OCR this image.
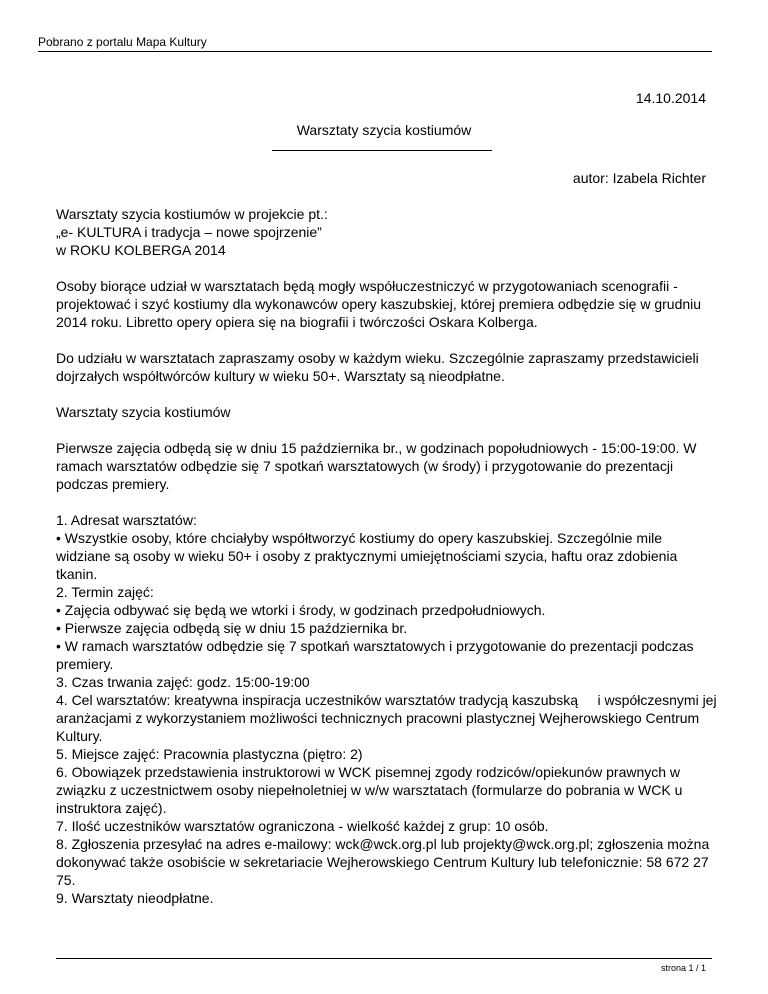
Pobrano z portalu Mapa Kultury
14.10.2014
Warsztaty szycia kostiumów
autor: Izabela Richter

Warsztaty szycia kostiumów w projekcie pt.:
„e- KULTURA i tradycja – nowe spojrzenie”
w ROKU KOLBERGA 2014

Osoby biorące udział w warsztatach będą mogły współuczestniczyć w przygotowaniach scenografii - projektować i szyć kostiumy dla wykonawców opery kaszubskiej, której premiera odbędzie się w grudniu 2014 roku. Libretto opery opiera się na biografii i twórczości Oskara Kolberga.

Do udziału w warsztatach zapraszamy osoby w każdym wieku. Szczególnie zapraszamy przedstawicieli dojrzałych współtwórców kultury w wieku 50+. Warsztaty są nieodpłatne.

Warsztaty szycia kostiumów

Pierwsze zajęcia odbędą się w dniu 15 października br., w godzinach popołudniowych - 15:00-19:00. W ramach warsztatów odbędzie się 7 spotkań warsztatowych (w środy) i przygotowanie do prezentacji podczas premiery.

1. Adresat warsztatów:
• Wszystkie osoby, które chciałyby współtworzyć kostiumy do opery kaszubskiej. Szczególnie mile widziane są osoby w wieku 50+ i osoby z praktycznymi umiejętnościami szycia, haftu oraz zdobienia tkanin.
2. Termin zajęć:
• Zajęcia odbywać się będą we wtorki i środy, w godzinach przedpołudniowych.
• Pierwsze zajęcia odbędą się w dniu 15 października br.
• W ramach warsztatów odbędzie się 7 spotkań warsztatowych i przygotowanie do prezentacji podczas premiery.
3. Czas trwania zajęć: godz. 15:00-19:00
4. Cel warsztatów: kreatywna inspiracja uczestników warsztatów tradycją kaszubską     i współczesnymi jej aranżacjami z wykorzystaniem możliwości technicznych pracowni plastycznej Wejherowskiego Centrum Kultury.
5. Miejsce zajęć: Pracownia plastyczna (piętro: 2)
6. Obowiązek przedstawienia instruktorowi w WCK pisemnej zgody rodziców/opiekunów prawnych w związku z uczestnictwem osoby niepełnoletniej w w/w warsztatach (formularze do pobrania w WCK u instruktora zajęć).
7. Ilość uczestników warsztatów ograniczona - wielkość każdej z grup: 10 osób.
8. Zgłoszenia przesyłać na adres e-mailowy: wck@wck.org.pl lub projekty@wck.org.pl; zgłoszenia można dokonywać także osobiście w sekretariacie Wejherowskiego Centrum Kultury lub telefonicznie: 58 672 27 75.
9. Warsztaty nieodpłatne.
strona 1 / 1
